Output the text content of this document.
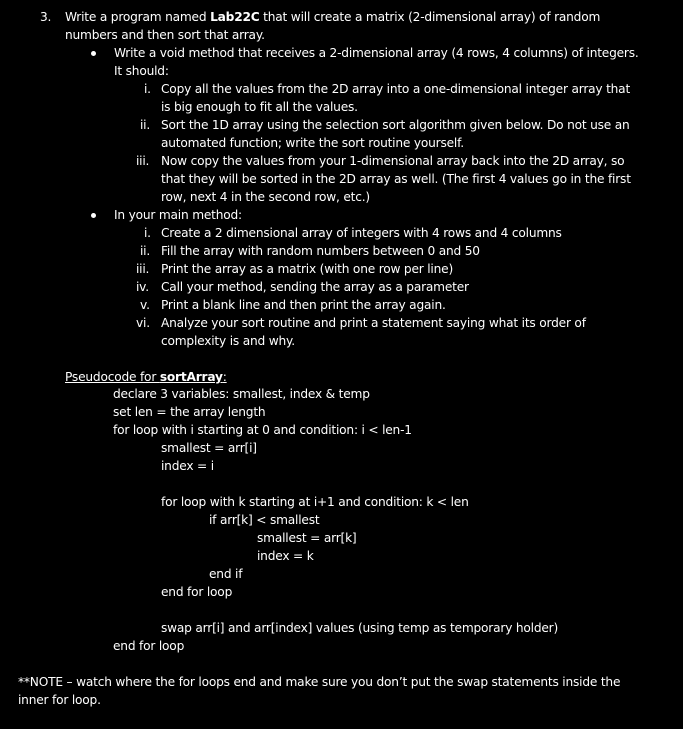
3. Write a program named Lab22C that will create a matrix (2-dimensional array) of random
numbers and then sort that array.
Write a void method that receives a 2-dimensional array (4 rows, 4 columns) of integers.
It should:
i. Copy all the values from the 2D array into a one-dimensional integer array that
is big enough to fit all the values.
ii. Sort the 1D array using the selection sort algorithm given below. Do not use an
automated function; write the sort routine yourself.
iii. Now copy the values from your 1-dimensional array back into the 2D array, so
that they will be sorted in the 2D array as well. (The first 4 values go in the first
row, next 4 in the second row, etc.)
In your main method:
i. Create a 2 dimensional array of integers with 4 rows and 4 columns
ii. Fill the array with random numbers between 0 and 50
iii. Print the array as a matrix (with one row per line)
iv. Call your method, sending the array as a parameter
v. Print a blank line and then print the array again.
vi. Analyze your sort routine and print a statement saying what its order of
complexity is and why.
Pseudocode for sortArray:
declare 3 variables: smallest, index & temp
set len = the array length
for loop with i starting at 0 and condition: i < len-1
smallest = arr[i]
index = i
for loop with k starting at i+1 and condition: k < len
if arr[k] < smallest
smallest = arr[k]
index = k
end if
end for loop
swap arr[i] and arr[index] values (using temp as temporary holder)
end for loop
**NOTE – watch where the for loops end and make sure you don’t put the swap statements inside the
inner for loop.
